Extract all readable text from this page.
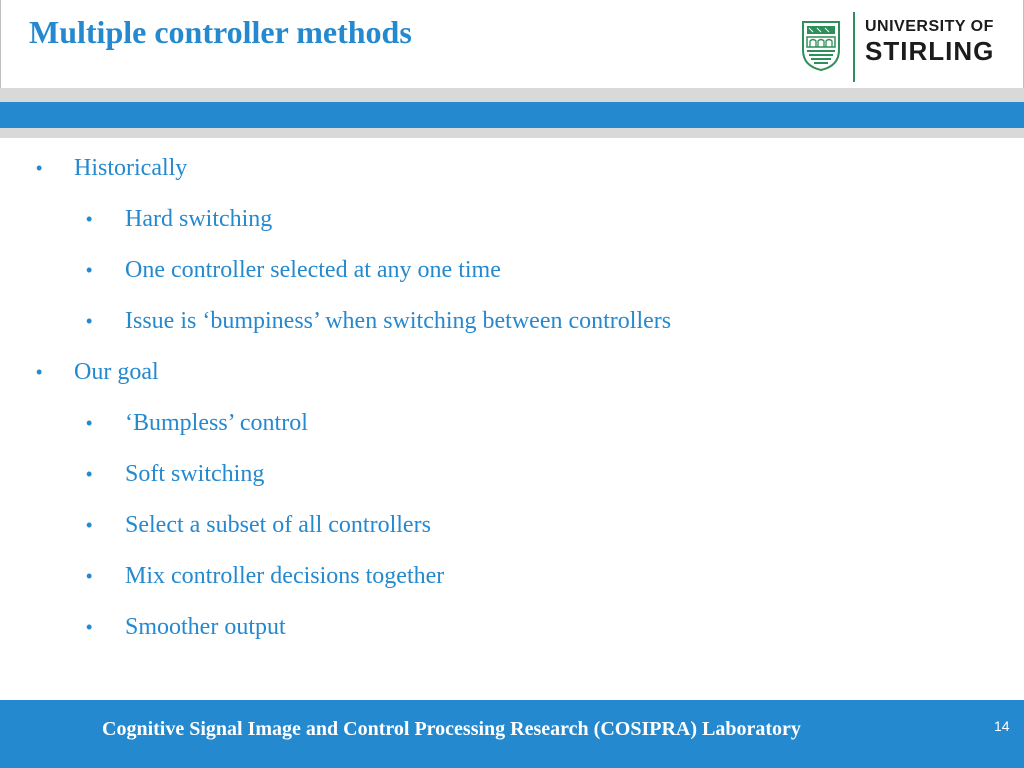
Multiple controller methods	UNIVERSITY OF
STIRLING
• Historically
• Hard switching
• One controller selected at any one time
• Issue is ‘bumpiness’ when switching between controllers
• Our goal
• ‘Bumpless’ control
• Soft switching
• Select a subset of all controllers
• Mix controller decisions together
• Smoother output
Cognitive Signal Image and Control Processing Research (COSIPRA) Laboratory	14
